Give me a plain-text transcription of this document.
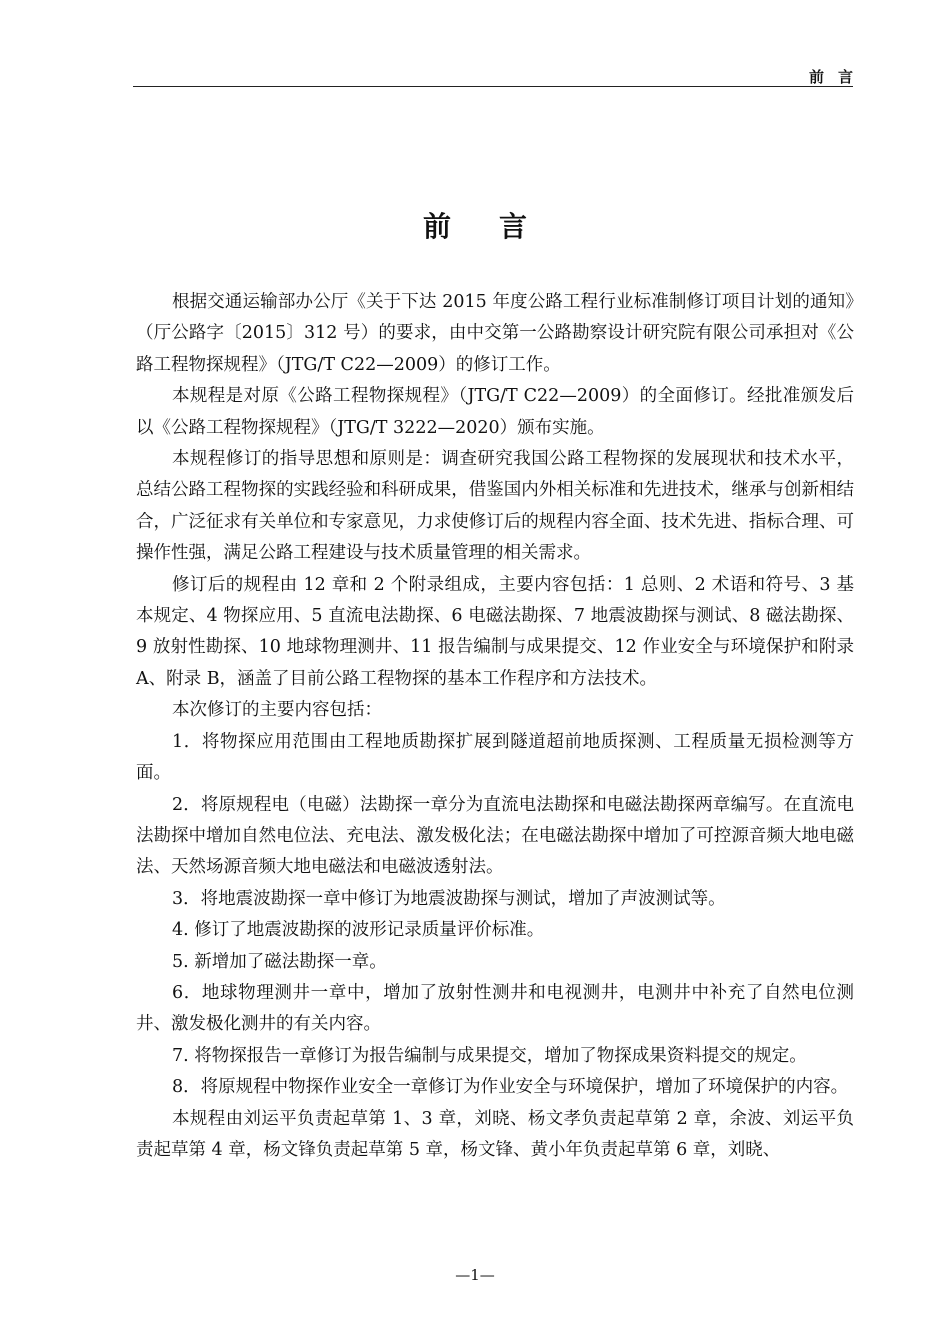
前言
前言

根据交通运输部办公厅《关于下达 2015 年度公路工程行业标准制修订项目计划的通知》（厅公路字〔2015〕312 号）的要求，由中交第一公路勘察设计研究院有限公司承担对《公路工程物探规程》（JTG/T C22—2009）的修订工作。

本规程是对原《公路工程物探规程》（JTG/T C22—2009）的全面修订。经批准颁发后以《公路工程物探规程》（JTG/T 3222—2020）颁布实施。

本规程修订的指导思想和原则是：调查研究我国公路工程物探的发展现状和技术水平，总结公路工程物探的实践经验和科研成果，借鉴国内外相关标准和先进技术，继承与创新相结合，广泛征求有关单位和专家意见，力求使修订后的规程内容全面、技术先进、指标合理、可操作性强，满足公路工程建设与技术质量管理的相关需求。

修订后的规程由 12 章和 2 个附录组成，主要内容包括：1 总则、2 术语和符号、3 基本规定、4 物探应用、5 直流电法勘探、6 电磁法勘探、7 地震波勘探与测试、8 磁法勘探、9 放射性勘探、10 地球物理测井、11 报告编制与成果提交、12 作业安全与环境保护和附录 A、附录 B，涵盖了目前公路工程物探的基本工作程序和方法技术。

本次修订的主要内容包括：

1．将物探应用范围由工程地质勘探扩展到隧道超前地质探测、工程质量无损检测等方面。

2．将原规程电（电磁）法勘探一章分为直流电法勘探和电磁法勘探两章编写。在直流电法勘探中增加自然电位法、充电法、激发极化法；在电磁法勘探中增加了可控源音频大地电磁法、天然场源音频大地电磁法和电磁波透射法。

3．将地震波勘探一章中修订为地震波勘探与测试，增加了声波测试等。

4. 修订了地震波勘探的波形记录质量评价标准。

5. 新增加了磁法勘探一章。

6．地球物理测井一章中，增加了放射性测井和电视测井，电测井中补充了自然电位测井、激发极化测井的有关内容。

7. 将物探报告一章修订为报告编制与成果提交，增加了物探成果资料提交的规定。

8．将原规程中物探作业安全一章修订为作业安全与环境保护，增加了环境保护的内容。

本规程由刘运平负责起草第 1、3 章，刘晓、杨文孝负责起草第 2 章，余波、刘运平负责起草第 4 章，杨文锋负责起草第 5 章，杨文锋、黄小年负责起草第 6 章，刘晓、

—1—
